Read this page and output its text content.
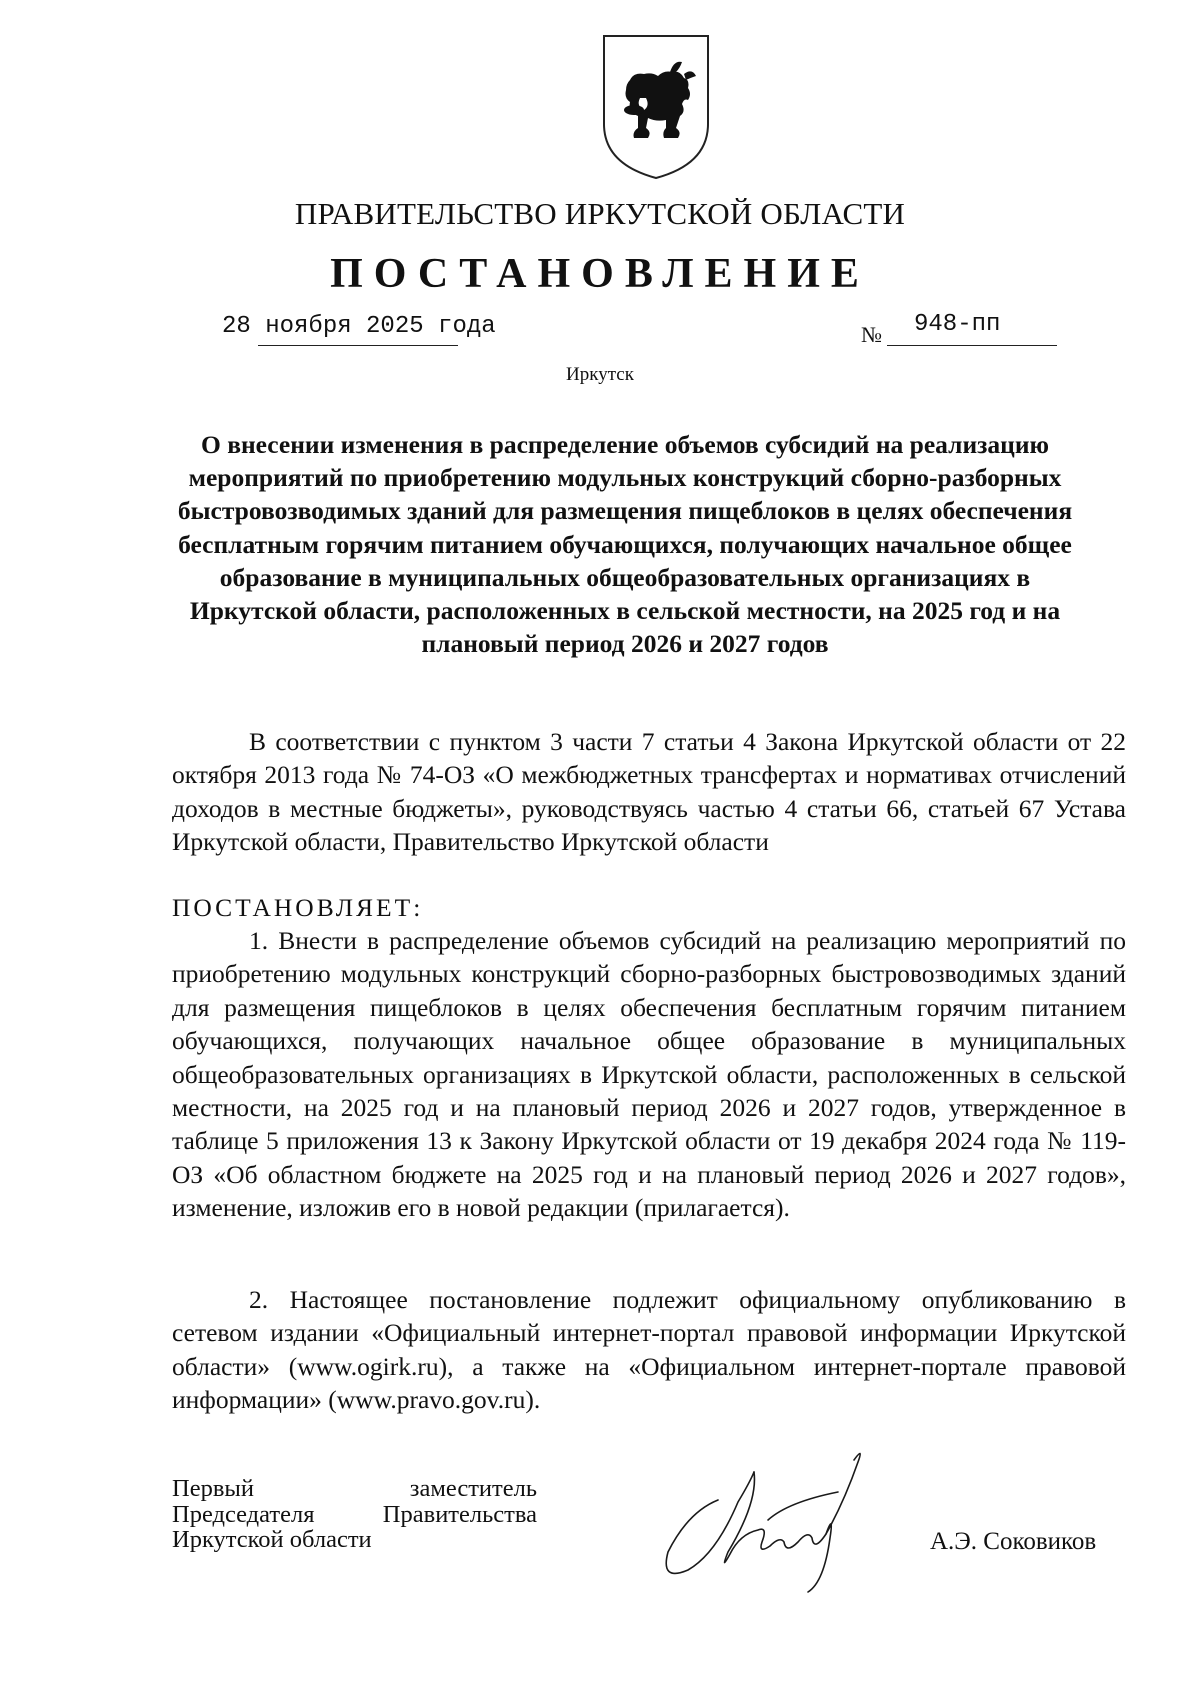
ПРАВИТЕЛЬСТВО ИРКУТСКОЙ ОБЛАСТИ
ПОСТАНОВЛЕНИЕ
28 ноября 2025 года	№ 948-пп
Иркутск
О внесении изменения в распределение объемов субсидий на реализацию мероприятий по приобретению модульных конструкций сборно-разборных быстровозводимых зданий для размещения пищеблоков в целях обеспечения бесплатным горячим питанием обучающихся, получающих начальное общее образование в муниципальных общеобразовательных организациях в Иркутской области, расположенных в сельской местности, на 2025 год и на плановый период 2026 и 2027 годов
В соответствии с пунктом 3 части 7 статьи 4 Закона Иркутской области от 22 октября 2013 года № 74-ОЗ «О межбюджетных трансфертах и нормативах отчислений доходов в местные бюджеты», руководствуясь частью 4 статьи 66, статьей 67 Устава Иркутской области, Правительство Иркутской области
ПОСТАНОВЛЯЕТ:
1. Внести в распределение объемов субсидий на реализацию мероприятий по приобретению модульных конструкций сборно-разборных быстровозводимых зданий для размещения пищеблоков в целях обеспечения бесплатным горячим питанием обучающихся, получающих начальное общее образование в муниципальных общеобразовательных организациях в Иркутской области, расположенных в сельской местности, на 2025 год и на плановый период 2026 и 2027 годов, утвержденное в таблице 5 приложения 13 к Закону Иркутской области от 19 декабря 2024 года № 119-ОЗ «Об областном бюджете на 2025 год и на плановый период 2026 и 2027 годов», изменение, изложив его в новой редакции (прилагается).
2. Настоящее постановление подлежит официальному опубликованию в сетевом издании «Официальный интернет-портал правовой информации Иркутской области» (www.ogirk.ru), а также на «Официальном интернет-портале правовой информации» (www.pravo.gov.ru).
Первый заместитель
Председателя Правительства
Иркутской области	А.Э. Соковиков
